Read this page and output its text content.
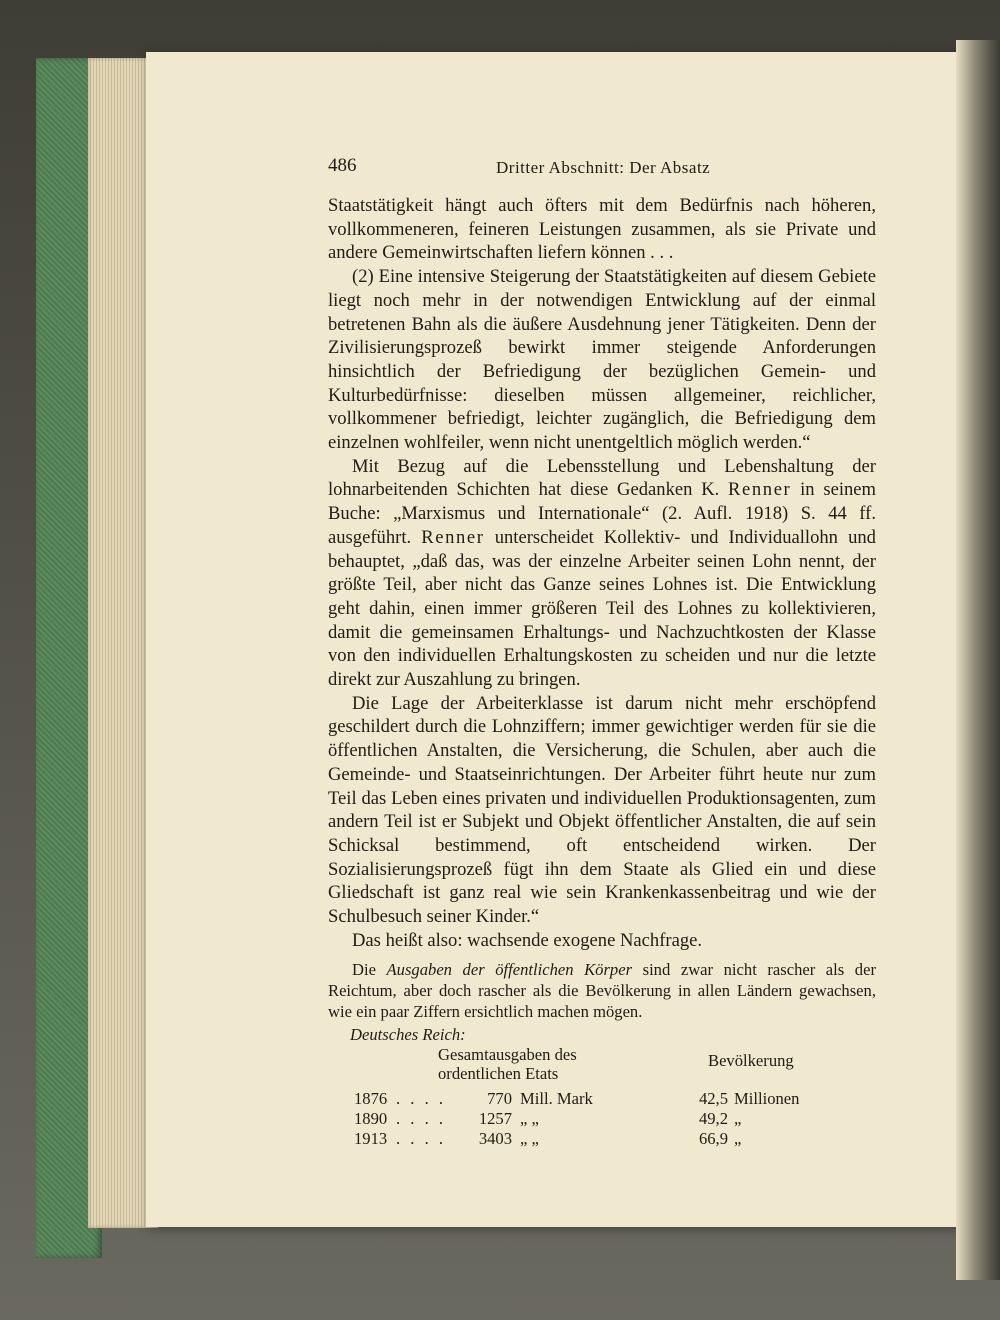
486	Dritter Abschnitt: Der Absatz

Staatstätigkeit hängt auch öfters mit dem Bedürfnis nach höheren, vollkommeneren, feineren Leistungen zusammen, als sie Private und andere Gemeinwirtschaften liefern können . . .

(2) Eine intensive Steigerung der Staatstätigkeiten auf diesem Gebiete liegt noch mehr in der notwendigen Entwicklung auf der einmal betretenen Bahn als die äußere Ausdehnung jener Tätigkeiten. Denn der Zivilisierungsprozeß bewirkt immer steigende Anforderungen hinsichtlich der Befriedigung der bezüglichen Gemein- und Kulturbedürfnisse: dieselben müssen allgemeiner, reichlicher, vollkommener befriedigt, leichter zugänglich, die Befriedigung dem einzelnen wohlfeiler, wenn nicht unentgeltlich möglich werden.“

Mit Bezug auf die Lebensstellung und Lebenshaltung der lohnarbeitenden Schichten hat diese Gedanken K. Renner in seinem Buche: „Marxismus und Internationale“ (2. Aufl. 1918) S. 44 ff. ausgeführt. Renner unterscheidet Kollektiv- und Individuallohn und behauptet, „daß das, was der einzelne Arbeiter seinen Lohn nennt, der größte Teil, aber nicht das Ganze seines Lohnes ist. Die Entwicklung geht dahin, einen immer größeren Teil des Lohnes zu kollektivieren, damit die gemeinsamen Erhaltungs- und Nachzuchtkosten der Klasse von den individuellen Erhaltungskosten zu scheiden und nur die letzte direkt zur Auszahlung zu bringen.

Die Lage der Arbeiterklasse ist darum nicht mehr erschöpfend geschildert durch die Lohnziffern; immer gewichtiger werden für sie die öffentlichen Anstalten, die Versicherung, die Schulen, aber auch die Gemeinde- und Staatseinrichtungen. Der Arbeiter führt heute nur zum Teil das Leben eines privaten und individuellen Produktionsagenten, zum andern Teil ist er Subjekt und Objekt öffentlicher Anstalten, die auf sein Schicksal bestimmend, oft entscheidend wirken. Der Sozialisierungsprozeß fügt ihn dem Staate als Glied ein und diese Gliedschaft ist ganz real wie sein Krankenkassenbeitrag und wie der Schulbesuch seiner Kinder.“

Das heißt also: wachsende exogene Nachfrage.

Die Ausgaben der öffentlichen Körper sind zwar nicht rascher als der Reichtum, aber doch rascher als die Bevölkerung in allen Ländern gewachsen, wie ein paar Ziffern ersichtlich machen mögen.

Deutsches Reich:
Gesamtausgaben des ordentlichen Etats
Bevölkerung
1876 . . . .	770 Mill. Mark	42,5 Millionen
1890 . . . .	1257 „ „	49,2 „
1913 . . . .	3403 „ „	66,9 „
